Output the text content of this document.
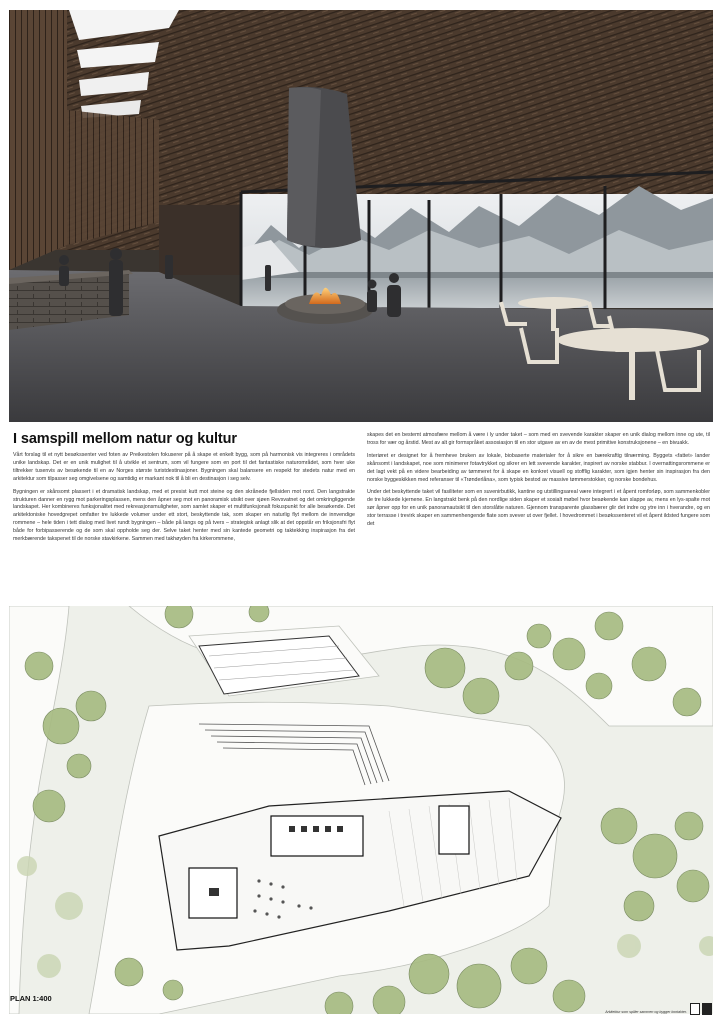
I samspill mellom natur og kultur

Vårt forslag til et nytt besøkssenter ved foten av Preikestolen fokuserer på å skape et enkelt bygg, som på harmonisk vis integreres i områdets unike landskap. Det er en unik mulighet til å utvikle et sentrum, som vil fungere som en port til det fantastiske naturområdet, som hver uke tiltrekker tusenvis av besøkende til en av Norges største turistdestinasjoner. Bygningen skal balansere en respekt for stedets natur med en arkitektur som tilpasser seg omgivelsene og samtidig er markant nok til å bli en destinasjon i seg selv.

Bygningen er skånsomt plassert i et dramatisk landskap, med et presist kutt mot steine og den skrånede fjellsiden mot nord. Den langstrakte strukturen danner en rygg mot parkeringsplassen, mens den åpner seg mot en panoramisk utsikt over sjøen Revsvatnet og det omkringliggende landskapet. Her kombineres funksjonalitet med rekreasjonsmuligheter, som samlet skaper et multifunksjonalt fokuspunkt for alle besøkende. Det arkitektoniske hovedgrepet omfatter tre lukkede volumer under ett stort, beskyttende tak, som skaper en naturlig flyt mellom de innvendige rommene – hele tiden i tett dialog med livet rundt bygningen – både på langs og på tvers – strategisk anlagt slik at det oppstår en friksjonsfri flyt både for forbipasserende og de som skal oppholde seg der. Selve taket henter med sin kantede geometri og taktekking inspirasjon fra det merkbærende takspenet til de norske stavkirkene. Sammen med takhøyden fra kirkerommene,

skapes det en bestemt atmosfære mellom å være i ly under taket – som med en svevende karakter skaper en unik dialog mellom inne og ute, til tross for vær og årstid. Mest av alt gir formspråket assosiasjon til en stor utgave av en av de mest primitive konstruksjonene – en bivuakk.

Interiøret er designet for å fremheve bruken av lokale, biobaserte materialer for å sikre en bærekraftig tilnærming. Byggets «fattet» lander skånsomt i landskapet, noe som minimerer fotavtrykket og sikrer en lett svevende karakter, inspirert av norske stabbur. I overnattingsrommene er det lagt vekt på en videre bearbeiding av tømmeret for å skape en konkret visuell og stofflig karakter, som igjen henter sin inspirasjon fra den norske byggeskikken med referanser til «Trønderlåna», som typisk bestod av massive tømmerstokker, og norske bondehus.

Under det beskyttende taket vil fasiliteter som en suvenirbutikk, kantine og utstillingsareal være integrert i et åpent romforløp, som sammenkobler de tre lukkede kjernene. En langstrakt benk på den nordlige siden skaper et sosialt møbel hvor besøkende kan slappe av, mens en lys-spalte mot sør åpner opp for en unik panoramautsikt til den storslåtte naturen. Gjennom transparente glassbærer glir det indre og ytre inn i hverandre, og en stor terrasse i trevirk skaper en sammenhengende flate som svever ut over fjellet. I hovedrommet i besøkssenteret vil et åpent ildsted fungere som det

PLAN 1:400
Arkitektur som spiller sammen og bygger kontakter.
